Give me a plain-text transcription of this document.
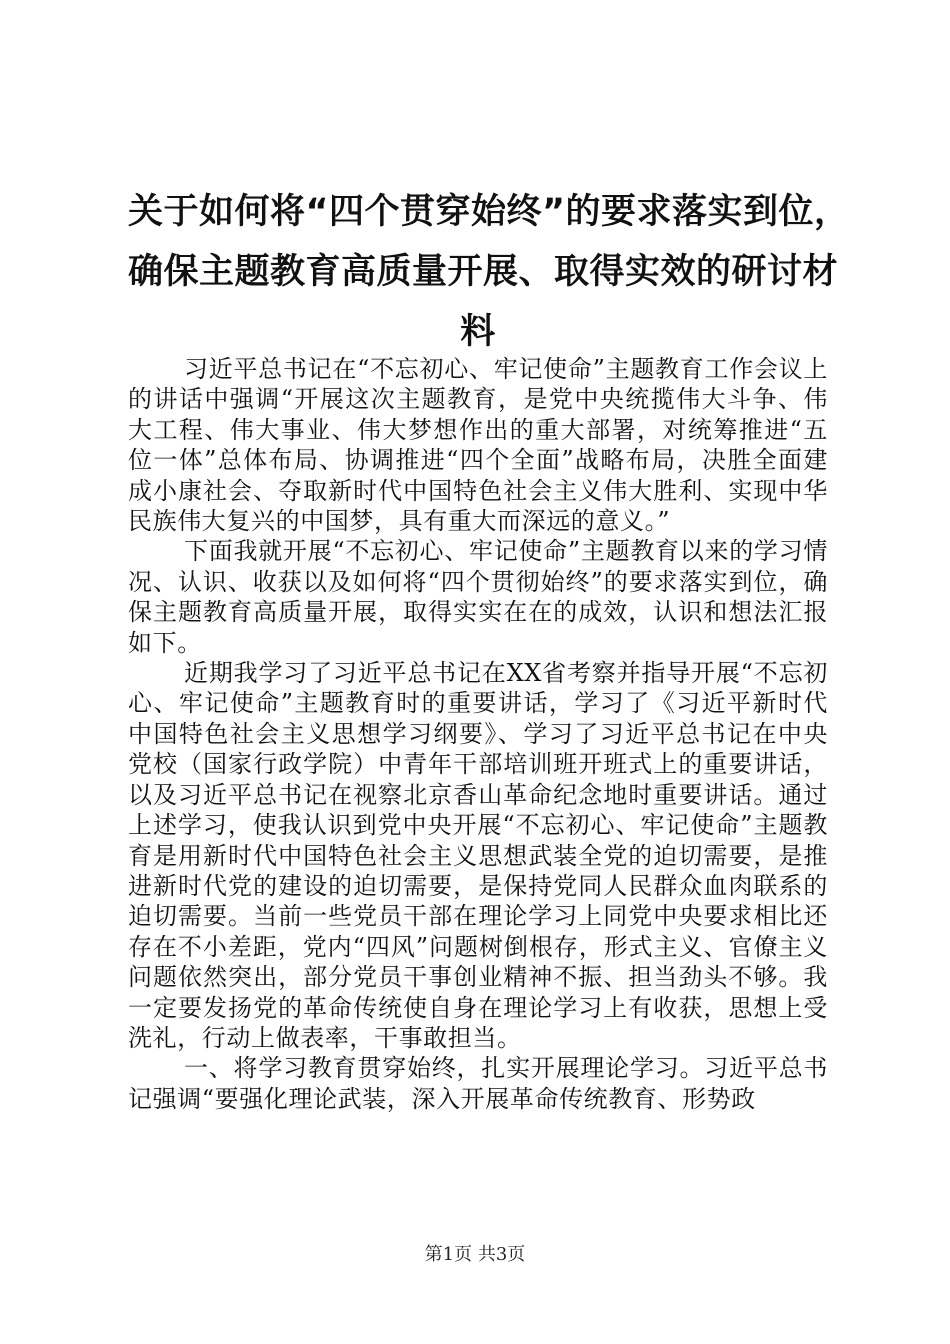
关于如何将“四个贯穿始终”的要求落实到位，
确保主题教育高质量开展、取得实效的研讨材
料

习近平总书记在“不忘初心、牢记使命”主题教育工作会议上的讲话中强调“开展这次主题教育，是党中央统揽伟大斗争、伟大工程、伟大事业、伟大梦想作出的重大部署，对统筹推进“五位一体”总体布局、协调推进“四个全面”战略布局，决胜全面建成小康社会、夺取新时代中国特色社会主义伟大胜利、实现中华民族伟大复兴的中国梦，具有重大而深远的意义。”

下面我就开展“不忘初心、牢记使命”主题教育以来的学习情况、认识、收获以及如何将“四个贯彻始终”的要求落实到位，确保主题教育高质量开展，取得实实在在的成效，认识和想法汇报如下。

近期我学习了习近平总书记在XX省考察并指导开展“不忘初心、牢记使命”主题教育时的重要讲话，学习了《习近平新时代中国特色社会主义思想学习纲要》、学习了习近平总书记在中央党校（国家行政学院）中青年干部培训班开班式上的重要讲话，以及习近平总书记在视察北京香山革命纪念地时重要讲话。通过上述学习，使我认识到党中央开展“不忘初心、牢记使命”主题教育是用新时代中国特色社会主义思想武装全党的迫切需要，是推进新时代党的建设的迫切需要，是保持党同人民群众血肉联系的迫切需要。当前一些党员干部在理论学习上同党中央要求相比还存在不小差距，党内“四风”问题树倒根存，形式主义、官僚主义问题依然突出，部分党员干事创业精神不振、担当劲头不够。我一定要发扬党的革命传统使自身在理论学习上有收获，思想上受洗礼，行动上做表率，干事敢担当。

一、将学习教育贯穿始终，扎实开展理论学习。习近平总书记强调“要强化理论武装，深入开展革命传统教育、形势政

第1页 共3页
